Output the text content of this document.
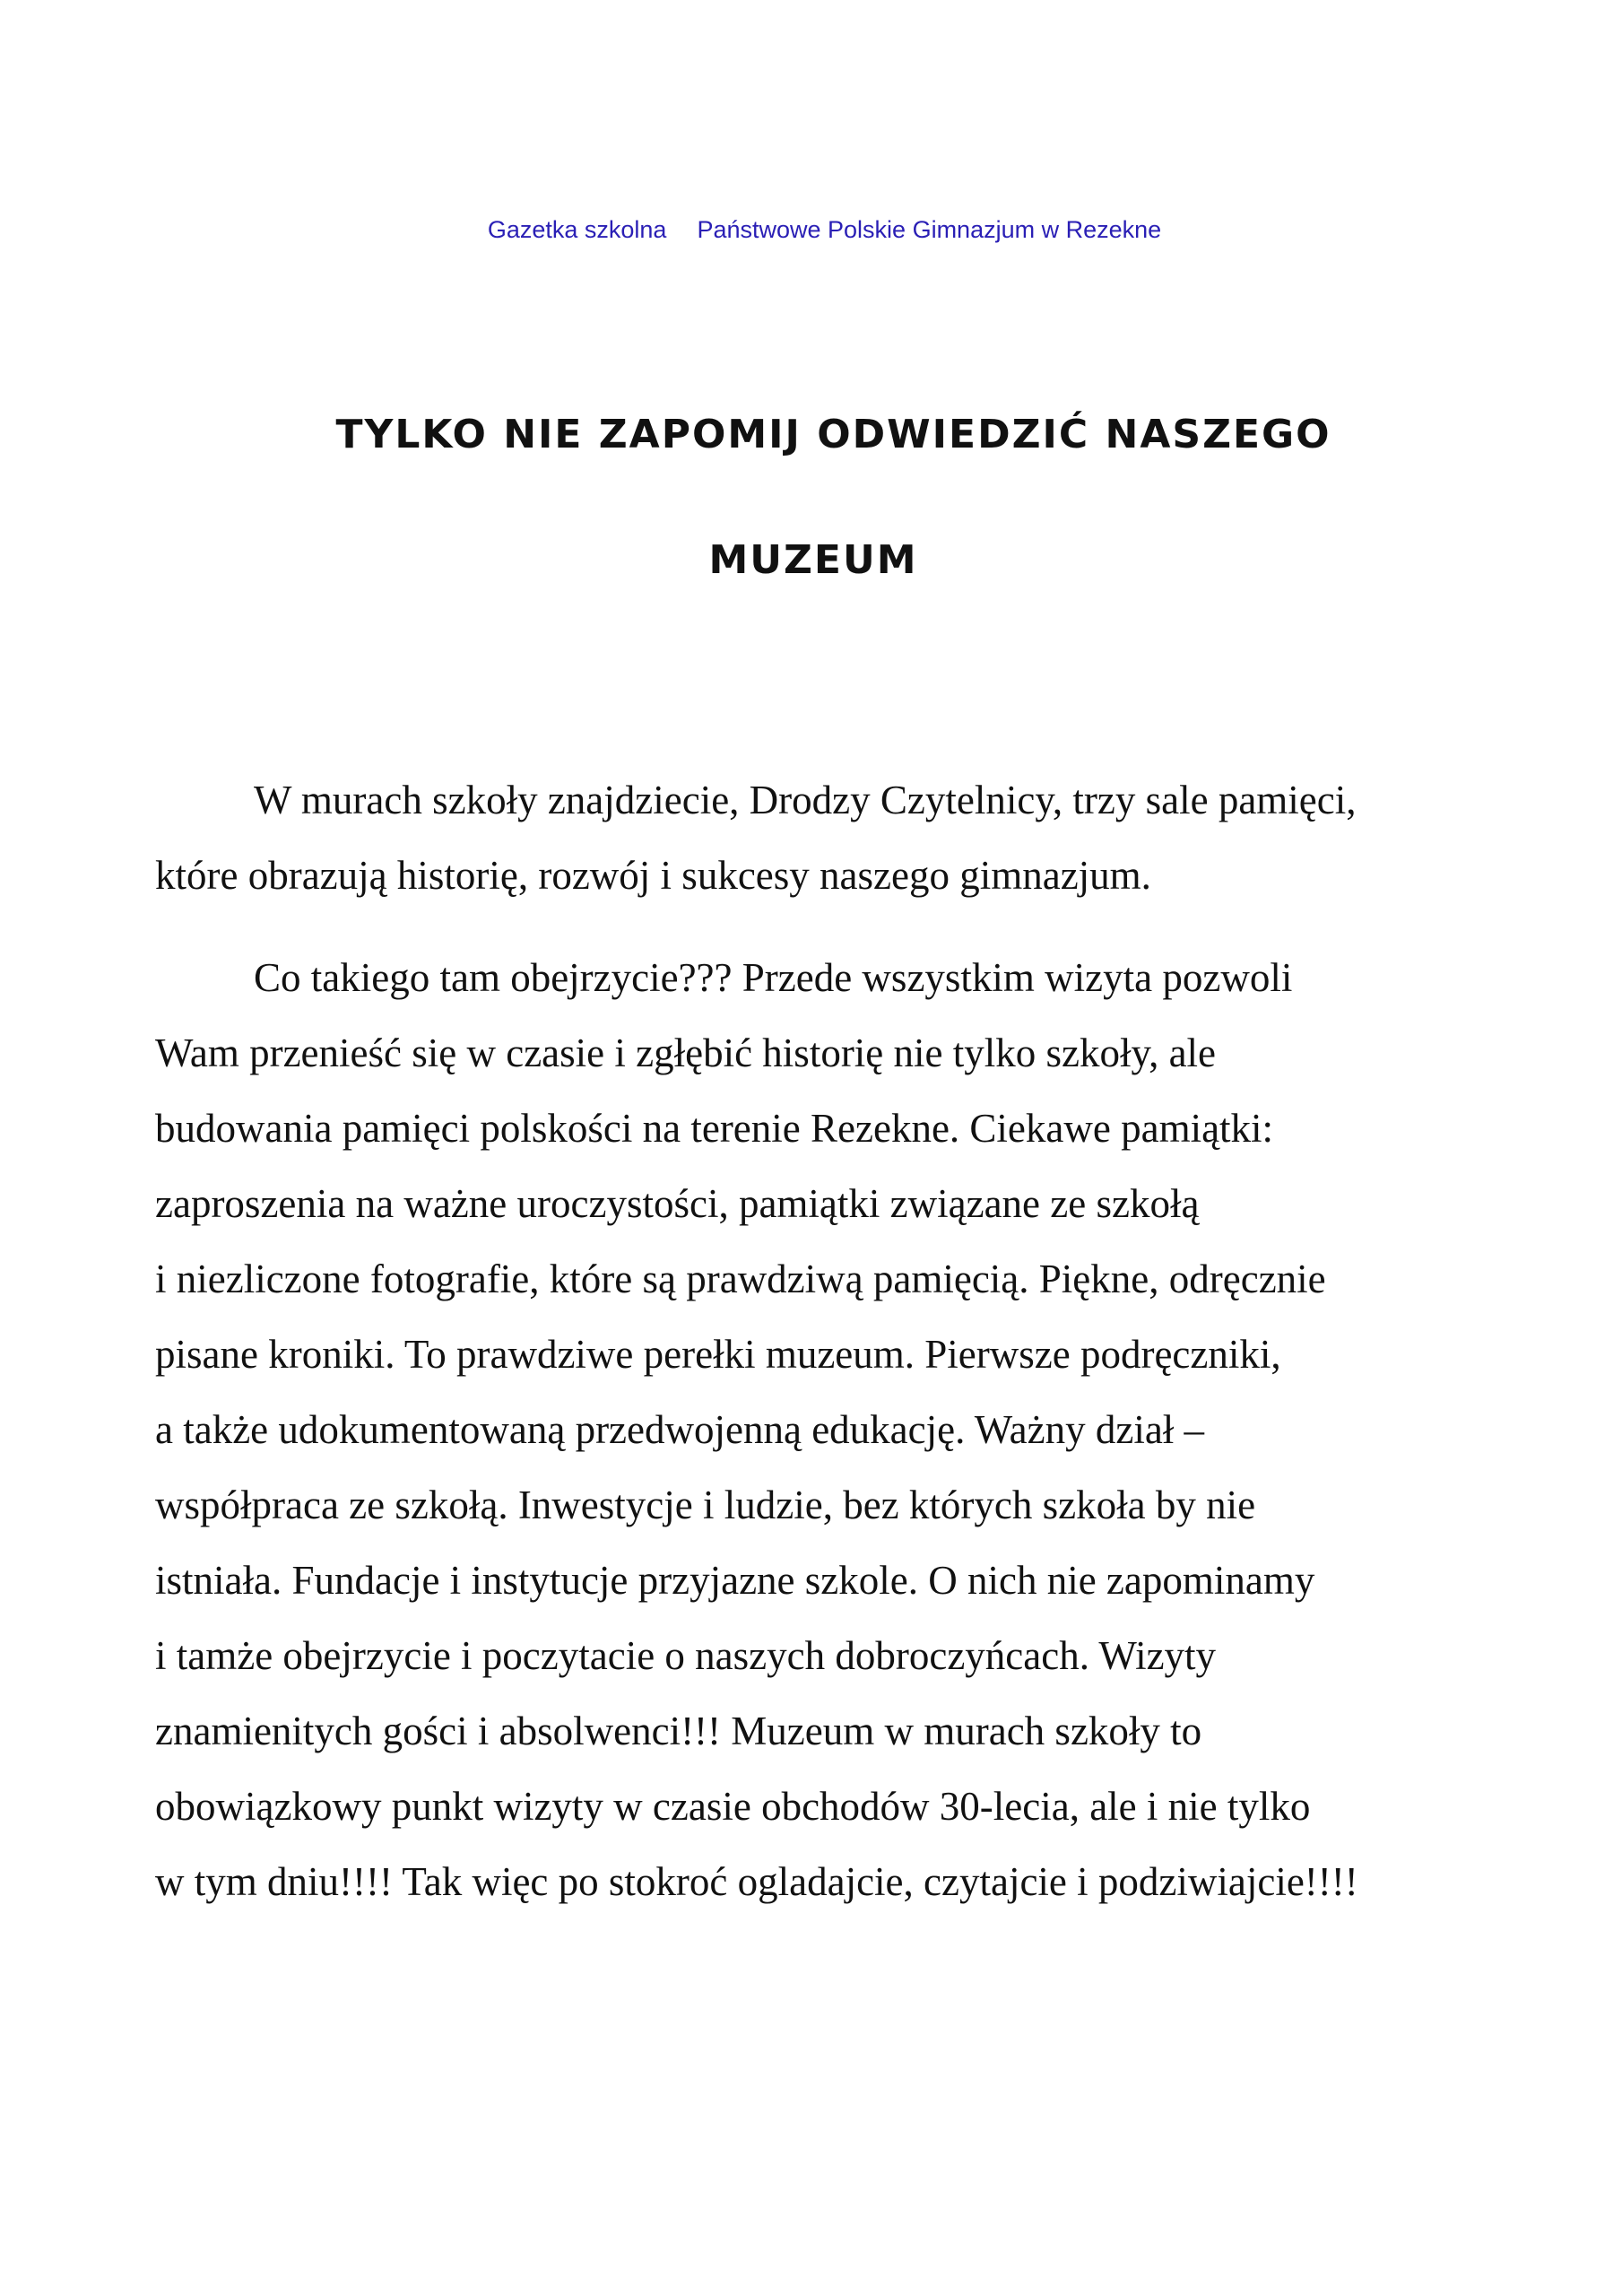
Gazetka szkolna Państwowe Polskie Gimnazjum w Rezekne

TYLKO NIE ZAPOMIJ ODWIEDZIĆ NASZEGO
MUZEUM
W murach szkoły znajdziecie, Drodzy Czytelnicy, trzy sale pamięci,
które obrazują historię, rozwój i sukcesy naszego gimnazjum.
Co takiego tam obejrzycie??? Przede wszystkim wizyta pozwoli
Wam przenieść się w czasie i zgłębić historię nie tylko szkoły, ale
budowania pamięci polskości na terenie Rezekne. Ciekawe pamiątki:
zaproszenia na ważne uroczystości, pamiątki związane ze szkołą
i niezliczone fotografie, które są prawdziwą pamięcią. Piękne, odręcznie
pisane kroniki. To prawdziwe perełki muzeum. Pierwsze podręczniki,
a także udokumentowaną przedwojenną edukację. Ważny dział –
współpraca ze szkołą. Inwestycje i ludzie, bez których szkoła by nie
istniała. Fundacje i instytucje przyjazne szkole. O nich nie zapominamy
i tamże obejrzycie i poczytacie o naszych dobroczyńcach. Wizyty
znamienitych gości i absolwenci!!! Muzeum w murach szkoły to
obowiązkowy punkt wizyty w czasie obchodów 30-lecia, ale i nie tylko
w tym dniu!!!! Tak więc po stokroć ogladajcie, czytajcie i podziwiajcie!!!!
